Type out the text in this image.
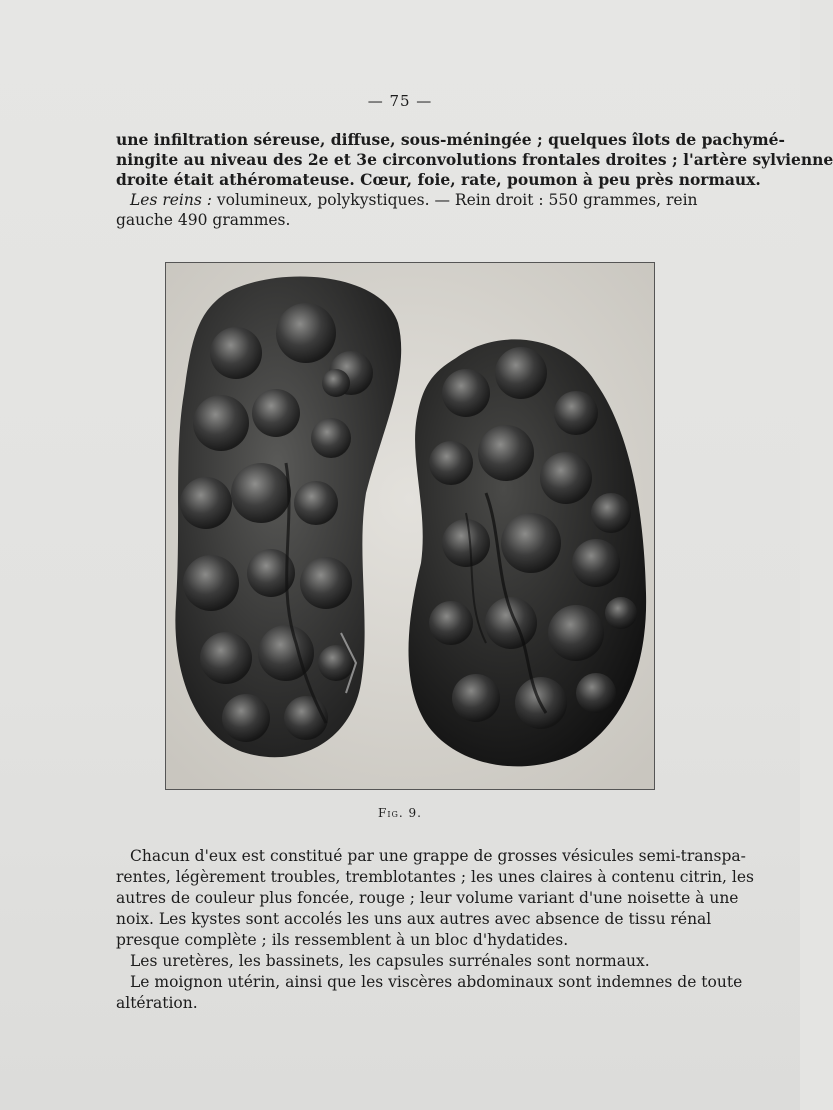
— 75 —
une infiltration séreuse, diffuse, sous-méningée ; quelques îlots de pachymé-
ningite au niveau des 2e et 3e circonvolutions frontales droites ; l'artère sylvienne
droite était athéromateuse. Cœur, foie, rate, poumon à peu près normaux.
Les reins : volumineux, polykystiques. — Rein droit : 550 grammes, rein
gauche 490 grammes.
Fig. 9.
Chacun d'eux est constitué par une grappe de grosses vésicules semi-transpa-
rentes, légèrement troubles, tremblotantes ; les unes claires à contenu citrin, les
autres de couleur plus foncée, rouge ; leur volume variant d'une noisette à une
noix. Les kystes sont accolés les uns aux autres avec absence de tissu rénal
presque complète ; ils ressemblent à un bloc d'hydatides.
Les uretères, les bassinets, les capsules surrénales sont normaux.
Le moignon utérin, ainsi que les viscères abdominaux sont indemnes de toute
altération.
